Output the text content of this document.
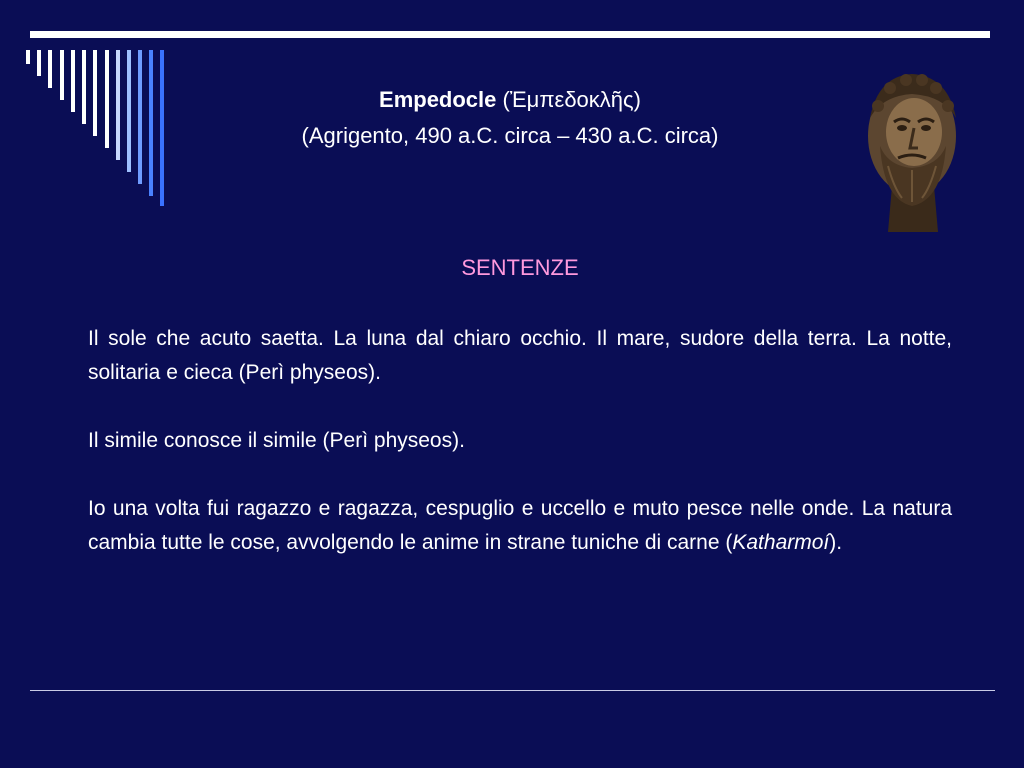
Empedocle (Ἐμπεδοκλῆς)
(Agrigento, 490 a.C. circa – 430 a.C. circa)
SENTENZE

Il sole che acuto saetta. La luna dal chiaro occhio. Il mare, sudore della terra. La notte, solitaria e cieca (Perì physeos).

Il simile conosce il simile (Perì physeos).

Io una volta fui ragazzo e ragazza, cespuglio e uccello e muto pesce nelle onde. La natura cambia tutte le cose, avvolgendo le anime in strane tuniche di carne (Katharmoí).
